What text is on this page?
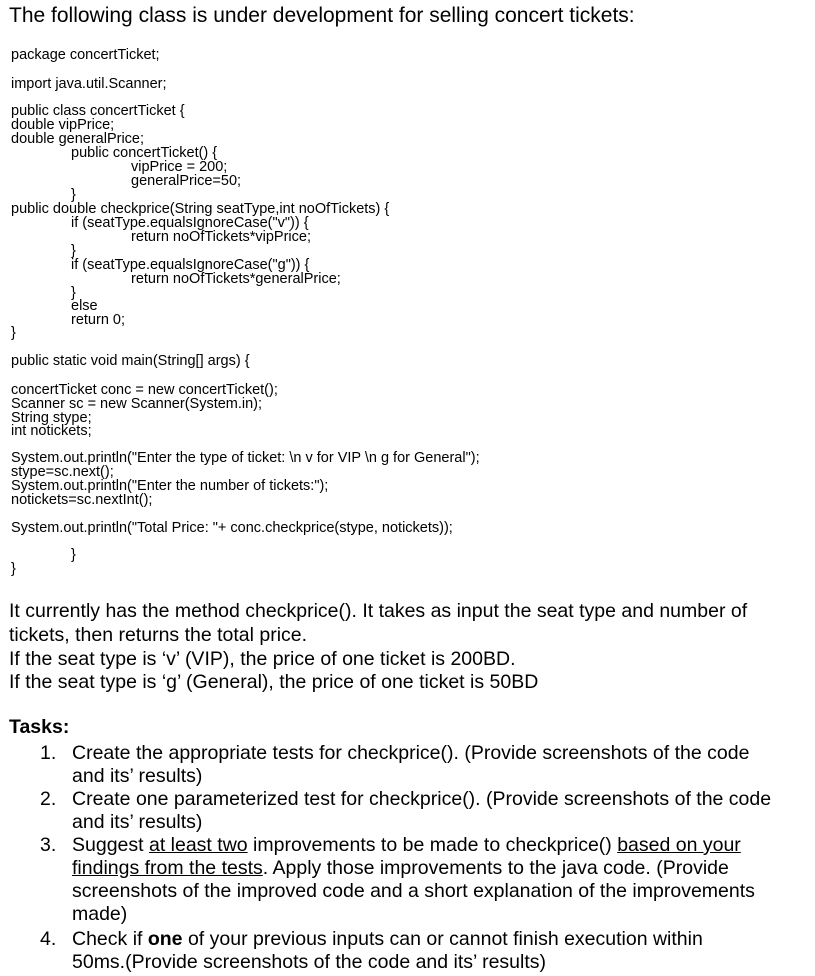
The following class is under development for selling concert tickets:
package concertTicket;
import java.util.Scanner;
public class concertTicket {
double vipPrice;
double generalPrice;
public concertTicket() {
vipPrice = 200;
generalPrice=50;
}
public double checkprice(String seatType,int noOfTickets) {
if (seatType.equalsIgnoreCase("v")) {
return noOfTickets*vipPrice;
}
if (seatType.equalsIgnoreCase("g")) {
return noOfTickets*generalPrice;
}
else
return 0;
}
public static void main(String[] args) {
concertTicket conc = new concertTicket();
Scanner sc = new Scanner(System.in);
String stype;
int notickets;
System.out.println("Enter the type of ticket: \n v for VIP \n g for General");
stype=sc.next();
System.out.println("Enter the number of tickets:");
notickets=sc.nextInt();
System.out.println("Total Price: "+ conc.checkprice(stype, notickets));
}
}
It currently has the method checkprice(). It takes as input the seat type and number of
tickets, then returns the total price.
If the seat type is ‘v’ (VIP), the price of one ticket is 200BD.
If the seat type is ‘g’ (General), the price of one ticket is 50BD
Tasks:
1. Create the appropriate tests for checkprice(). (Provide screenshots of the code
and its’ results)
2. Create one parameterized test for checkprice(). (Provide screenshots of the code
and its’ results)
3. Suggest at least two improvements to be made to checkprice() based on your
findings from the tests. Apply those improvements to the java code. (Provide
screenshots of the improved code and a short explanation of the improvements
made)
4. Check if one of your previous inputs can or cannot finish execution within
50ms.(Provide screenshots of the code and its’ results)
